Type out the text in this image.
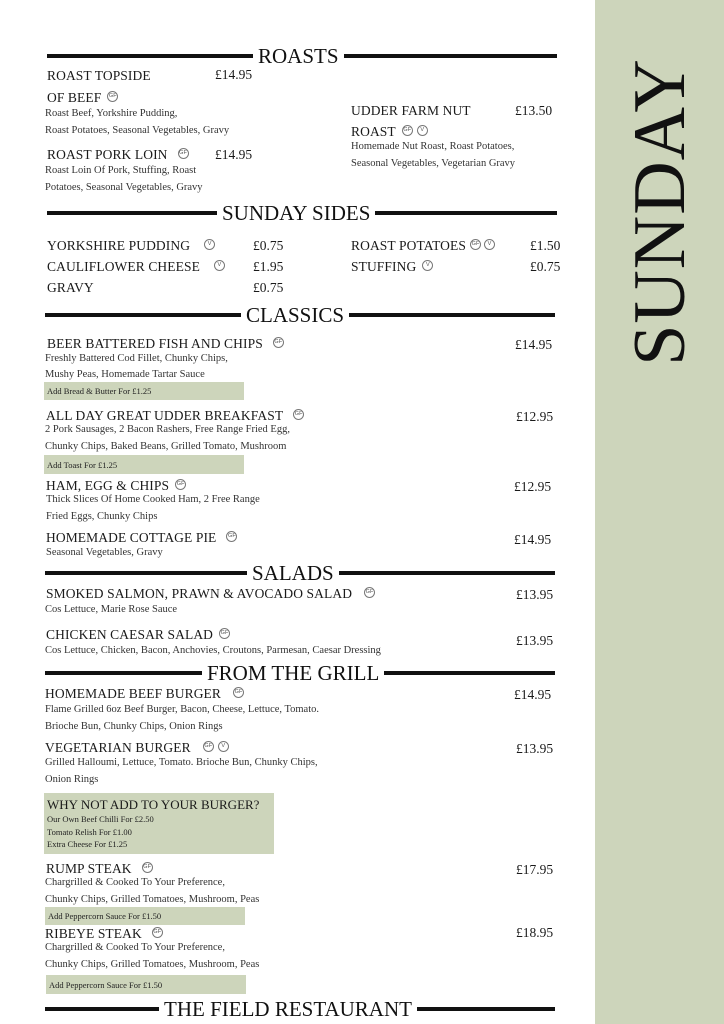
SUNDAY
ROASTS
ROAST TOPSIDE	£14.95
OF BEEF GF
Roast Beef, Yorkshire Pudding,
Roast Potatoes, Seasonal Vegetables, Gravy
ROAST PORK LOIN GF £14.95
Roast Loin Of Pork, Stuffing, Roast
Potatoes, Seasonal Vegetables, Gravy
UDDER FARM NUT	£13.50
ROAST GF V
Homemade Nut Roast, Roast Potatoes,
Seasonal Vegetables, Vegetarian Gravy
SUNDAY SIDES
YORKSHIRE PUDDING	V	£0.75
CAULIFLOWER CHEESE	V £1.95
GRAVY	£0.75
ROAST POTATOES GF V	£1.50
STUFFING V	£0.75
CLASSICS
BEER BATTERED FISH AND CHIPS GF	£14.95
Freshly Battered Cod Fillet, Chunky Chips,
Mushy Peas, Homemade Tartar Sauce
Add Bread & Butter For £1.25
ALL DAY GREAT UDDER BREAKFAST GF	£12.95
2 Pork Sausages, 2 Bacon Rashers, Free Range Fried Egg,
Chunky Chips, Baked Beans, Grilled Tomato, Mushroom
Add Toast For £1.25
HAM, EGG & CHIPS GF	£12.95
Thick Slices Of Home Cooked Ham, 2 Free Range
Fried Eggs, Chunky Chips
HOMEMADE COTTAGE PIE GF	£14.95
Seasonal Vegetables, Gravy
SALADS
SMOKED SALMON, PRAWN & AVOCADO SALAD GF	£13.95
Cos Lettuce, Marie Rose Sauce
CHICKEN CAESAR SALAD GF	£13.95
Cos Lettuce, Chicken, Bacon, Anchovies, Croutons, Parmesan, Caesar Dressing
FROM THE GRILL
HOMEMADE BEEF BURGER GF	£14.95
Flame Grilled 6oz Beef Burger, Bacon, Cheese, Lettuce, Tomato.
Brioche Bun, Chunky Chips, Onion Rings
VEGETARIAN BURGER GF V	£13.95
Grilled Halloumi, Lettuce, Tomato. Brioche Bun, Chunky Chips,
Onion Rings
WHY NOT ADD TO YOUR BURGER?
Our Own Beef Chilli For £2.50
Tomato Relish For £1.00
Extra Cheese For £1.25
RUMP STEAK GF	£17.95
Chargrilled & Cooked To Your Preference,
Chunky Chips, Grilled Tomatoes, Mushroom, Peas
Add Peppercorn Sauce For £1.50
RIBEYE STEAK GF	£18.95
Chargrilled & Cooked To Your Preference,
Chunky Chips, Grilled Tomatoes, Mushroom, Peas
Add Peppercorn Sauce For £1.50
THE FIELD RESTAURANT
